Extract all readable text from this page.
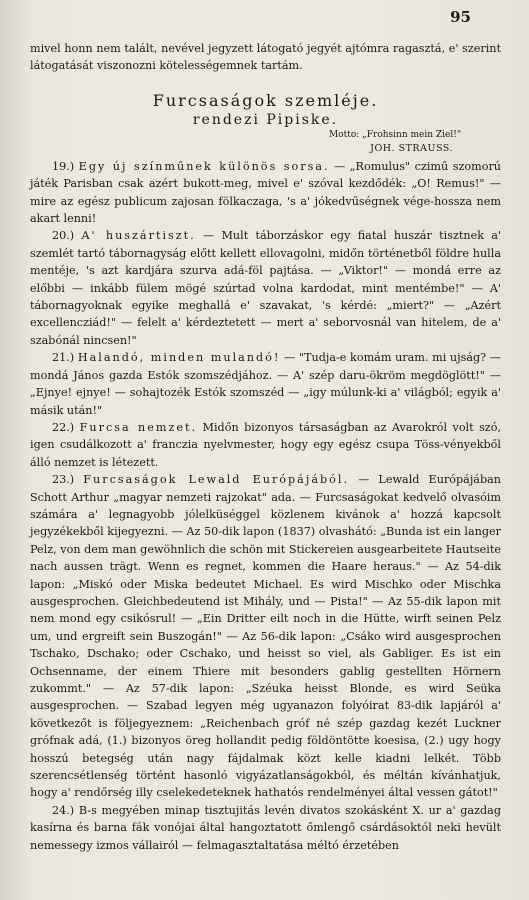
95

mivel honn nem talált, nevével jegyzett látogató jegyét ajtómra ragasztá, e' szerint látogatását viszonozni kötelességemnek tartám.

Furcsaságok szemléje.
rendezi Pipiske.
Motto: „Frohsinn mein Ziel!"
JOH. STRAUSS.

19.) Egy új színműnek különös sorsa. — „Romulus" czimű szomorú játék Parisban csak azért bukott-meg, mivel e' szóval kezdődék: „O! Remus!" — mire az egész publicum zajosan fölkaczaga, 's a' jókedvűségnek vége-hossza nem akart lenni!

20.) A' huszártiszt. — Mult táborzáskor egy fiatal huszár tisztnek a' szemlét tartó tábornagyság előtt kellett ellovagolni, midőn történetből földre hulla mentéje, 's azt kardjára szurva adá-föl pajtása. — „Viktor!" — mondá erre az előbbi — inkább fülem mögé szúrtad volna kardodat, mint mentémbe!" — A' tábornagyoknak egyike meghallá e' szavakat, 's kérdé: „miert?" — „Azért excellencziád!" — felelt a' kérdeztetett — mert a' seborvosnál van hitelem, de a' szabónál nincsen!"

21.) Halandó, minden mulandó! — "Tudja-e komám uram. mi ujság? — mondá János gazda Estók szomszédjához. — A' szép daru-ökröm megdöglött!" — „Ejnye! ejnye! — sohajtozék Estók szomszéd — „igy múlunk-ki a' világból; egyik a' másik után!"

22.) Furcsa nemzet. Midőn bizonyos társaságban az Avarokról volt szó, igen csudálkozott a' franczia nyelvmester, hogy egy egész csupa Töss-vényekből álló nemzet is létezett.

23.) Furcsaságok Lewald Európájából. — Lewald Európájában Schott Arthur „magyar nemzeti rajzokat" ada. — Furcsaságokat kedvelő olvasóim számára a' legnagyobb jólelküséggel közlenem kivánok a' hozzá kapcsolt jegyzékekből kijegyezni. — Az 50-dik lapon (1837) olvashátó: „Bunda ist ein langer Pelz, von dem man gewöhnlich die schön mit Stickereien ausgearbeitete Hautseite nach aussen trägt. Wenn es regnet, kommen die Haare heraus." — Az 54-dik lapon: „Miskó oder Miska bedeutet Michael. Es wird Mischko oder Mischka ausgesprochen. Gleichbedeutend ist Mihály, und — Pista!" — Az 55-dik lapon mit nem mond egy csikósrul! — „Ein Dritter eilt noch in die Hütte, wirft seinen Pelz um, und ergreift sein Buszogán!" — Az 56-dik lapon: „Csáko wird ausgesprochen Tschako, Dschako; oder Cschako, und heisst so viel, als Gabliger. Es ist ein Ochsenname, der einem Thiere mit besonders gablig gestellten Hörnern zukommt." — Az 57-dik lapon: „Széuka heisst Blonde, es wird Seüka ausgesprochen. — Szabad legyen még ugyanazon folyóirat 83-dik lapjáról a' következőt is följegyeznem: „Reichenbach gróf né szép gazdag kezét Luckner grófnak adá, (1.) bizonyos öreg hollandit pedig földöntötte koesisa, (2.) ugy hogy hosszú betegség után nagy fájdalmak közt kelle kiadni lelkét. Több szerencsétlenség történt hasonló vigyázatlanságokból, és méltán kívánhatjuk, hogy a' rendőrség illy cselekedeteknek hathatós rendelményei által vessen gátot!"

24.) B-s megyében minap tisztujitás levén divatos szokásként X. ur a' gazdag kasírna és barna fák vonójai által hangoztatott őmlengő csárdásoktól neki hevült nemessegy izmos vállairól — felmagasztaltatása méltó érzetében
